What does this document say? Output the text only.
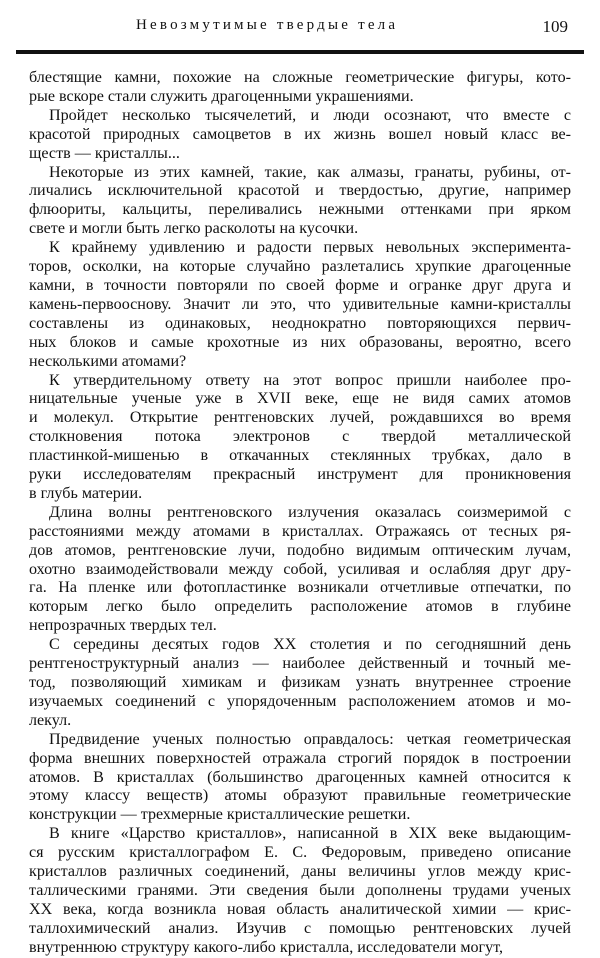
Невозмутимые твердые тела	109

блестящие камни, похожие на сложные геометрические фигуры, кото-
рые вскоре стали служить драгоценными украшениями.

Пройдет несколько тысячелетий, и люди осознают, что вместе с
красотой природных самоцветов в их жизнь вошел новый класс ве-
ществ — кристаллы...

Некоторые из этих камней, такие, как алмазы, гранаты, рубины, от-
личались исключительной красотой и твердостью, другие, например
флюориты, кальциты, переливались нежными оттенками при ярком
свете и могли быть легко расколоты на кусочки.

К крайнему удивлению и радости первых невольных эксперимента-
торов, осколки, на которые случайно разлетались хрупкие драгоценные
камни, в точности повторяли по своей форме и огранке друг друга и
камень-первооснову. Значит ли это, что удивительные камни-кристаллы
составлены из одинаковых, неоднократно повторяющихся первич-
ных блоков и самые крохотные из них образованы, вероятно, всего
несколькими атомами?

К утвердительному ответу на этот вопрос пришли наиболее про-
ницательные ученые уже в XVII веке, еще не видя самих атомов
и молекул. Открытие рентгеновских лучей, рождавшихся во время
столкновения потока электронов с твердой металлической
пластинкой-мишенью в откачанных стеклянных трубках, дало в
руки исследователям прекрасный инструмент для проникновения
в глубь материи.

Длина волны рентгеновского излучения оказалась соизмеримой с
расстояниями между атомами в кристаллах. Отражаясь от тесных ря-
дов атомов, рентгеновские лучи, подобно видимым оптическим лучам,
охотно взаимодействовали между собой, усиливая и ослабляя друг дру-
га. На пленке или фотопластинке возникали отчетливые отпечатки, по
которым легко было определить расположение атомов в глубине
непрозрачных твердых тел.

С середины десятых годов XX столетия и по сегодняшний день
рентгеноструктурный анализ — наиболее действенный и точный ме-
тод, позволяющий химикам и физикам узнать внутреннее строение
изучаемых соединений с упорядоченным расположением атомов и мо-
лекул.

Предвидение ученых полностью оправдалось: четкая геометрическая
форма внешних поверхностей отражала строгий порядок в построении
атомов. В кристаллах (большинство драгоценных камней относится к
этому классу веществ) атомы образуют правильные геометрические
конструкции — трехмерные кристаллические решетки.

В книге «Царство кристаллов», написанной в XIX веке выдающим-
ся русским кристаллографом Е. С. Федоровым, приведено описание
кристаллов различных соединений, даны величины углов между крис-
таллическими гранями. Эти сведения были дополнены трудами ученых
XX века, когда возникла новая область аналитической химии — крис-
таллохимический анализ. Изучив с помощью рентгеновских лучей
внутреннюю структуру какого-либо кристалла, исследователи могут,
